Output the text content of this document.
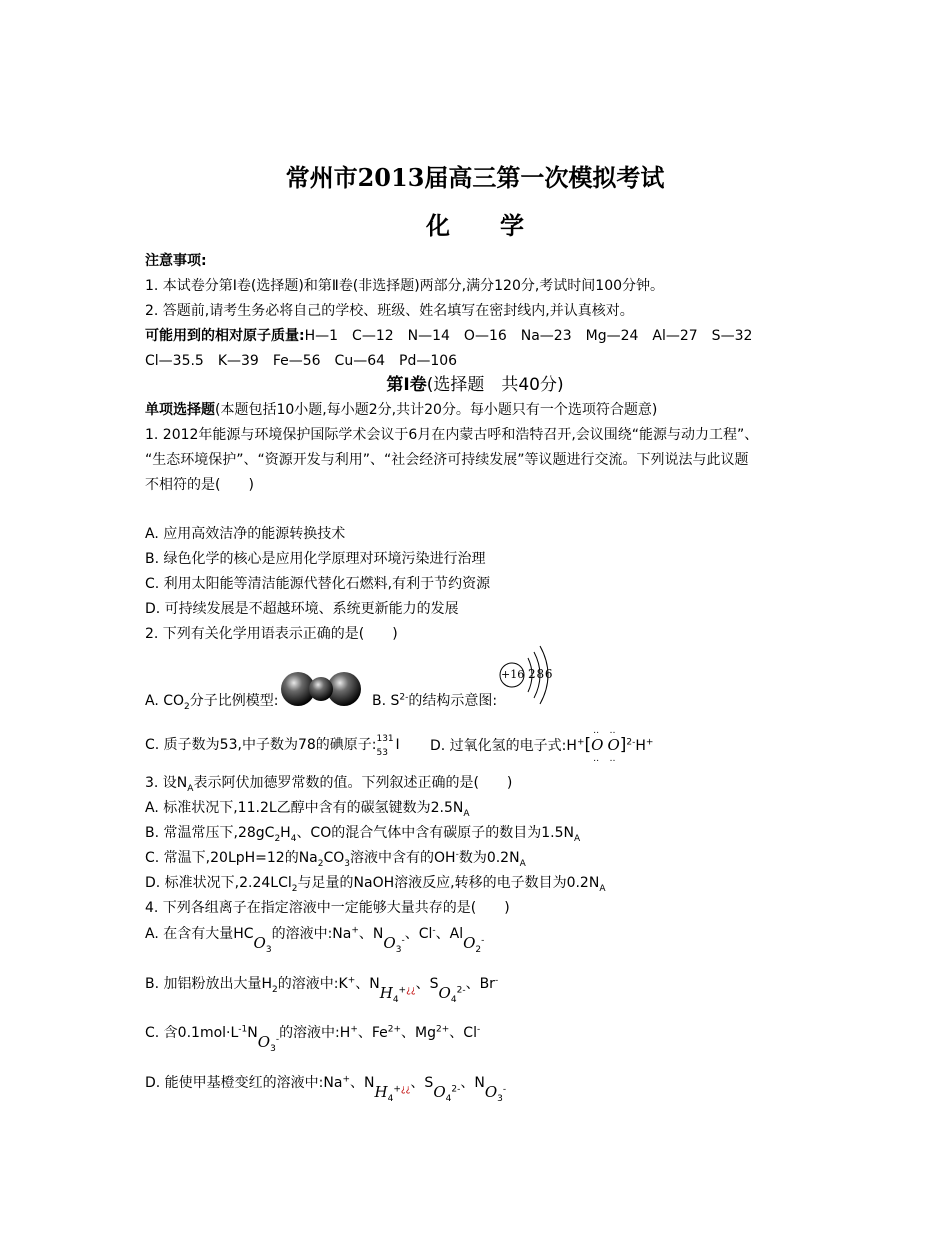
常州市2013届高三第一次模拟考试
化 学
注意事项:
1. 本试卷分第Ⅰ卷(选择题)和第Ⅱ卷(非选择题)两部分,满分120分,考试时间100分钟。
2. 答题前,请考生务必将自己的学校、班级、姓名填写在密封线内,并认真核对。
可能用到的相对原子质量:H—1　C—12　N—14　O—16　Na—23　Mg—24　Al—27　S—32
Cl—35.5　K—39　Fe—56　Cu—64　Pd—106
第Ⅰ卷(选择题　共40分)
单项选择题(本题包括10小题,每小题2分,共计20分。每小题只有一个选项符合题意)
1. 2012年能源与环境保护国际学术会议于6月在内蒙古呼和浩特召开,会议围绕“能源与动力工程”、
“生态环境保护”、“资源开发与利用”、“社会经济可持续发展”等议题进行交流。下列说法与此议题
不相符的是(　　)
A. 应用高效洁净的能源转换技术
B. 绿色化学的核心是应用化学原理对环境污染进行治理
C. 利用太阳能等清洁能源代替化石燃料,有利于节约资源
D. 可持续发展是不超越环境、系统更新能力的发展
2. 下列有关化学用语表示正确的是(　　)
A. $CO_2$分子比例模型:	B. $S^{2-}$的结构示意图:
+16 2 8 6
C. 质子数为53,中子数为78的碘原子: 131
53 I D. 过氧化氢的电子式:H+[
‥
‥
O
‥
‥
O]$^{2-}$H+
3. 设$N_A$表示阿伏加德罗常数的值。下列叙述正确的是(　　)
A. 标准状况下,11.2L乙醇中含有的碳氢键数为$2.5N_A$
B. 常温常压下$,28gC_2H_4$、CO的混合气体中含有碳原子的数目为$1.5N_A$
C. 常温下,20LpH=12的$Na_2CO_3$溶液中含有的OH-数为$0.2N_A$
D. 标准状况下,2.24LCl$_2$与足量的NaOH溶液反应,转移的电子数目为$0.2N_A$
4. 下列各组离子在指定溶液中一定能够大量共存的是(　　)
A. 在含有大量$HCO_3$的溶液中:Na+、$NO_3^-$、Cl-、AlO$_2$-
B. 加铝粉放出大量$H_2$的溶液中:K+、$NH_4^{+¿¿}$、$SO_4^{2-}$、Br-
C. 含$0.1mol\cdot L^{-1}NO_3^-$的溶液中:H+、$Fe^{2+}$、$Mg^{2+}$、Cl-
D. 能使甲基橙变红的溶液中:Na+、$NH_4^{+¿¿}$、$SO_4^{2-}$、$NO_3^-$
